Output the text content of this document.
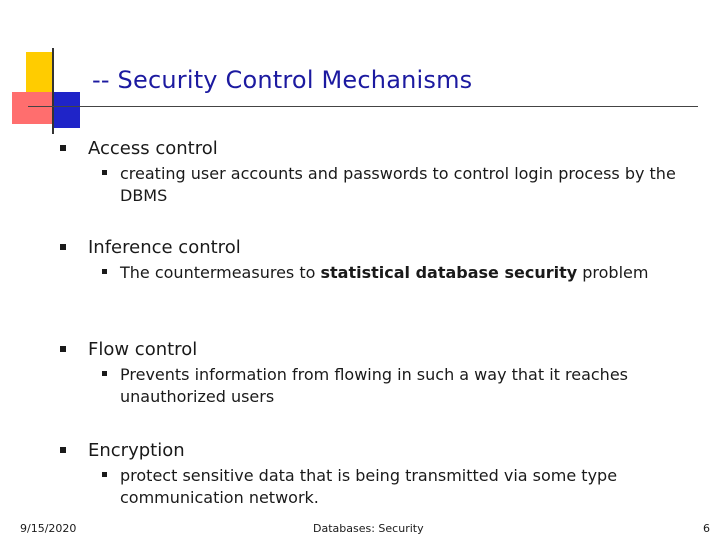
-- Security Control Mechanisms
Access control
creating user accounts and passwords to control login process by the DBMS
Inference control
The countermeasures to statistical database security problem
Flow control
Prevents information from flowing in such a way that it reaches unauthorized users
Encryption
protect sensitive data that is being transmitted via some type communication network.
9/15/2020	Databases: Security	6
